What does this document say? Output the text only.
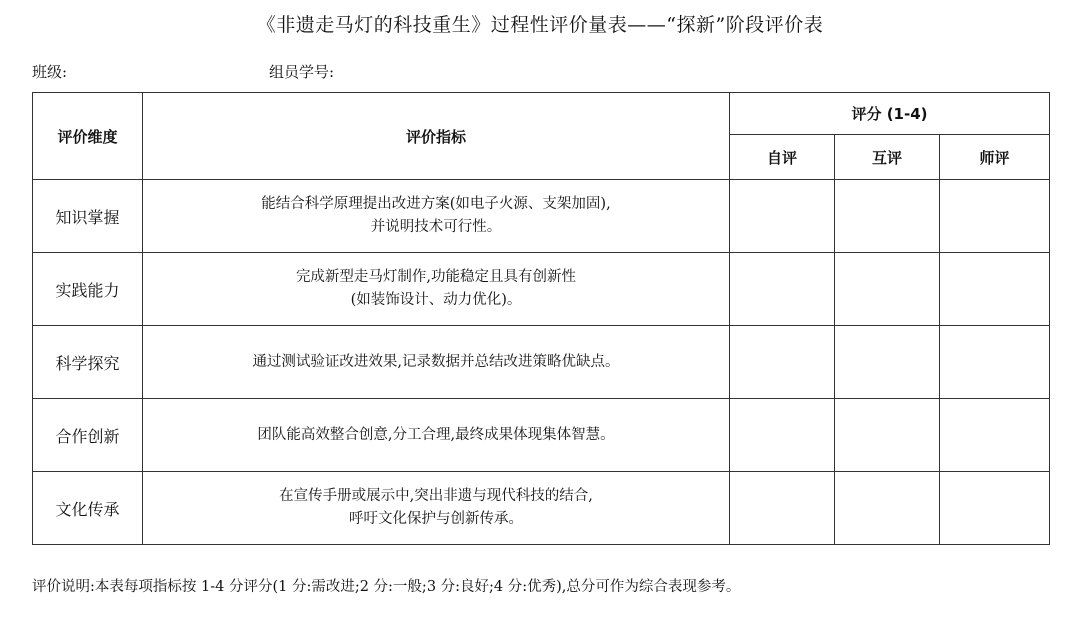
《非遗走马灯的科技重生》过程性评价量表——“探新”阶段评价表
班级:	组员学号:
评价维度	评价指标	评分 (1-4)		
		自评	互评	师评
知识掌握	能结合科学原理提出改进方案(如电子火源、支架加固),
并说明技术可行性。			

实践能力	完成新型走马灯制作,功能稳定且具有创新性
(如装饰设计、动力优化)。			

科学探究	通过测试验证改进效果,记录数据并总结改进策略优缺点。			

合作创新	团队能高效整合创意,分工合理,最终成果体现集体智慧。			

文化传承	在宣传手册或展示中,突出非遗与现代科技的结合,
呼吁文化保护与创新传承。			

评价说明:本表每项指标按 1-4 分评分(1 分:需改进;2 分:一般;3 分:良好;4 分:优秀),总分可作为综合表现参考。
